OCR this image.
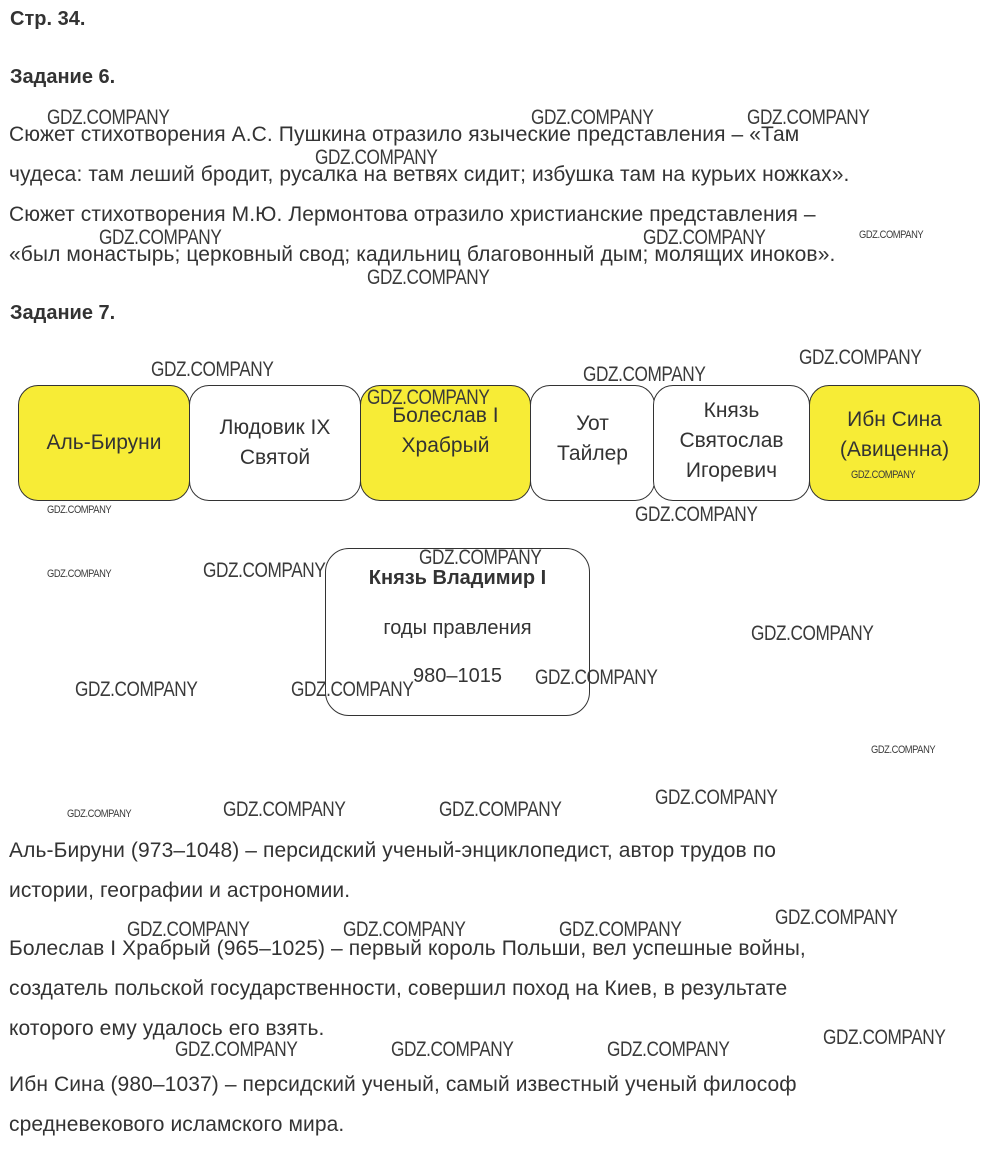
Стр. 34.
Задание 6.
Сюжет стихотворения А.С. Пушкина отразило языческие представления – «Там
чудеса: там леший бродит, русалка на ветвях сидит; избушка там на курьих ножках».
Сюжет стихотворения М.Ю. Лермонтова отразило христианские представления –
«был монастырь; церковный свод; кадильниц благовонный дым; молящих иноков».
Задание 7.
Аль-Бируни
Людовик IX
Святой
Болеслав I
Храбрый
Уот
Тайлер
Князь
Святослав
Игоревич
Ибн Сина
(Авиценна)
Князь Владимир I
годы правления
980–1015
Аль-Бируни (973–1048) – персидский ученый-энциклопедист, автор трудов по
истории, географии и астрономии.
Болеслав I Храбрый (965–1025) – первый король Польши, вел успешные войны,
создатель польской государственности, совершил поход на Киев, в результате
которого ему удалось его взять.
Ибн Сина (980–1037) – персидский ученый, самый известный ученый философ
средневекового исламского мира.
GDZ.COMPANY	GDZ.COMPANY	GDZ.COMPANY
GDZ.COMPANY
GDZ.COMPANY	GDZ.COMPANY	GDZ.COMPANY
GDZ.COMPANY
GDZ.COMPANY
GDZ.COMPANY	GDZ.COMPANY
GDZ.COMPANY
GDZ.COMPANY
GDZ.COMPANY	GDZ.COMPANY
GDZ.COMPANY
GDZ.COMPANY
GDZ.COMPANY
GDZ.COMPANY
GDZ.COMPANY
GDZ.COMPANY	GDZ.COMPANY
GDZ.COMPANY
GDZ.COMPANY
GDZ.COMPANY	GDZ.COMPANY
GDZ.COMPANY
GDZ.COMPANY
GDZ.COMPANY	GDZ.COMPANY	GDZ.COMPANY
GDZ.COMPANY
GDZ.COMPANY	GDZ.COMPANY	GDZ.COMPANY
